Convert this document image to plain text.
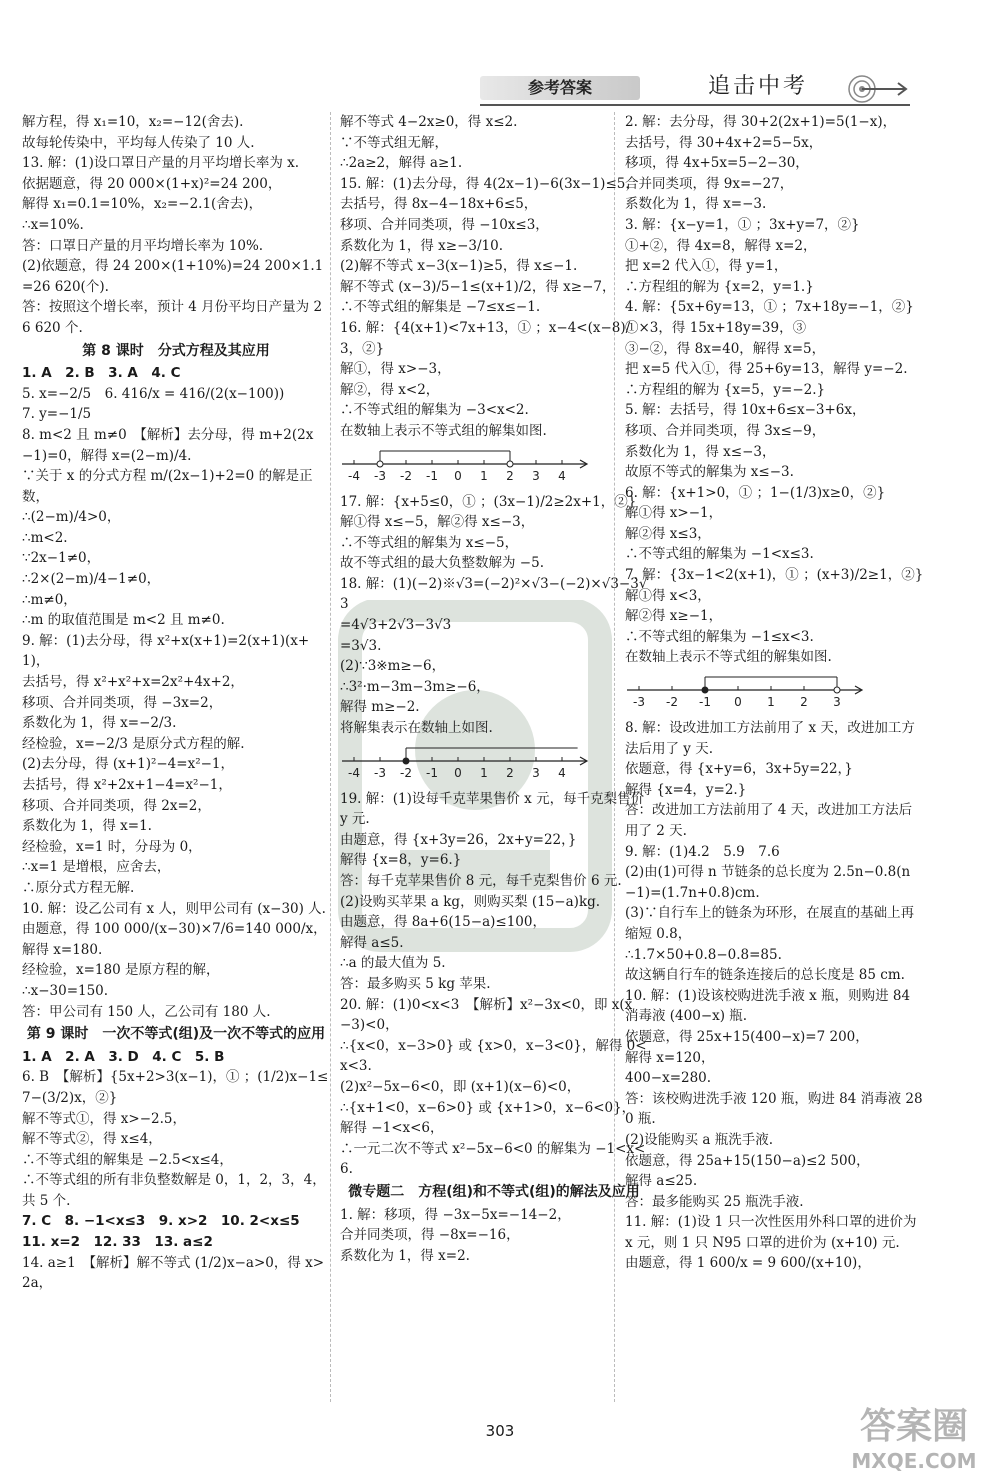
参考答案	追击中考

解方程，得 x₁=10，x₂=−12(舍去).

故每轮传染中，平均每人传染了 10 人.

13. 解：(1)设口罩日产量的月平均增长率为 x.

依据题意，得 20 000×(1+x)²=24 200，

解得 x₁=0.1=10%，x₂=−2.1(舍去)，

∴x=10%.

答：口罩日产量的月平均增长率为 10%.

(2)依题意，得 24 200×(1+10%)=24 200×1.1=26 620(个).

答：按照这个增长率，预计 4 月份平均日产量为 26 620 个.

第 8 课时　分式方程及其应用

1. A　2. B　3. A　4. C

5. x=−2/5　6. 416/x = 416/(2(x−100))

7. y=−1/5

8. m<2 且 m≠0　【解析】去分母，得 m+2(2x−1)=0，解得 x=(2−m)/4.

∵关于 x 的分式方程 m/(2x−1)+2=0 的解是正数，

∴(2−m)/4>0，

∴m<2.

∵2x−1≠0，

∴2×(2−m)/4−1≠0，

∴m≠0，

∴m 的取值范围是 m<2 且 m≠0.

9. 解：(1)去分母，得 x²+x(x+1)=2(x+1)(x+1)，

去括号，得 x²+x²+x=2x²+4x+2，

移项、合并同类项，得 −3x=2，

系数化为 1，得 x=−2/3.

经检验，x=−2/3 是原分式方程的解.

(2)去分母，得 (x+1)²−4=x²−1，

去括号，得 x²+2x+1−4=x²−1，

移项、合并同类项，得 2x=2，

系数化为 1，得 x=1.

经检验，x=1 时，分母为 0，

∴x=1 是增根，应舍去，

∴原分式方程无解.

10. 解：设乙公司有 x 人，则甲公司有 (x−30) 人.

由题意，得 100 000/(x−30)×7/6=140 000/x，

解得 x=180.

经检验，x=180 是原方程的解，

∴x−30=150.

答：甲公司有 150 人，乙公司有 180 人.

第 9 课时　一次不等式(组)及一次不等式的应用

1. A　2. A　3. D　4. C　5. B

6. B　【解析】{5x+2>3(x−1)，① ；(1/2)x−1≤7−(3/2)x，②}

解不等式①，得 x>−2.5，

解不等式②，得 x≤4，

∴不等式组的解集是 −2.5<x≤4，

∴不等式组的所有非负整数解是 0，1，2，3，4，共 5 个.

7. C　8. −1<x≤3　9. x>2　10. 2<x≤5

11. x=2　12. 33　13. a≤2

14. a≥1　【解析】解不等式 (1/2)x−a>0，得 x>2a，

解不等式 4−2x≥0，得 x≤2.

∵不等式组无解，

∴2a≥2，解得 a≥1.

15. 解：(1)去分母，得 4(2x−1)−6(3x−1)≤5，

去括号，得 8x−4−18x+6≤5，

移项、合并同类项，得 −10x≤3，

系数化为 1，得 x≥−3/10.

(2)解不等式 x−3(x−1)≥5，得 x≤−1.

解不等式 (x−3)/5−1≤(x+1)/2，得 x≥−7，

∴不等式组的解集是 −7≤x≤−1.

16. 解：{4(x+1)<7x+13，① ；x−4<(x−8)/3，②}

解①，得 x>−3，

解②，得 x<2，

∴不等式组的解集为 −3<x<2.

在数轴上表示不等式组的解集如图.

-4 -3 -2 -1 0 1 2 3 4

17. 解：{x+5≤0，① ；(3x−1)/2≥2x+1，②}

解①得 x≤−5，解②得 x≤−3，

∴不等式组的解集为 x≤−5，

故不等式组的最大负整数解为 −5.

18. 解：(1)(−2)※√3=(−2)²×√3−(−2)×√3−3√3

=4√3+2√3−3√3

=3√3.

(2)∵3※m≥−6，

∴3²·m−3m−3m≥−6，

解得 m≥−2.

将解集表示在数轴上如图.

-4 -3 -2 -1 0 1 2 3 4

19. 解：(1)设每千克苹果售价 x 元，每千克梨售价 y 元.

由题意，得 {x+3y=26，2x+y=22，}

解得 {x=8，y=6.}

答：每千克苹果售价 8 元，每千克梨售价 6 元.

(2)设购买苹果 a kg，则购买梨 (15−a)kg.

由题意，得 8a+6(15−a)≤100，

解得 a≤5.

∴a 的最大值为 5.

答：最多购买 5 kg 苹果.

20. 解：(1)0<x<3　【解析】x²−3x<0，即 x(x−3)<0，

∴{x<0，x−3>0} 或 {x>0，x−3<0}，解得 0<x<3.

(2)x²−5x−6<0，即 (x+1)(x−6)<0，

∴{x+1<0，x−6>0} 或 {x+1>0，x−6<0}，

解得 −1<x<6，

∴一元二次不等式 x²−5x−6<0 的解集为 −1<x<6.

微专题二　方程(组)和不等式(组)的解法及应用

1. 解：移项，得 −3x−5x=−14−2，

合并同类项，得 −8x=−16，

系数化为 1，得 x=2.

2. 解：去分母，得 30+2(2x+1)=5(1−x)，

去括号，得 30+4x+2=5−5x，

移项，得 4x+5x=5−2−30，

合并同类项，得 9x=−27，

系数化为 1，得 x=−3.

3. 解：{x−y=1，① ；3x+y=7，②}

①+②，得 4x=8，解得 x=2，

把 x=2 代入①，得 y=1，

∴方程组的解为 {x=2，y=1.}

4. 解：{5x+6y=13，① ；7x+18y=−1，②}

①×3，得 15x+18y=39，③

③−②，得 8x=40，解得 x=5，

把 x=5 代入①，得 25+6y=13，解得 y=−2.

∴方程组的解为 {x=5，y=−2.}

5. 解：去括号，得 10x+6≤x−3+6x，

移项、合并同类项，得 3x≤−9，

系数化为 1，得 x≤−3，

故原不等式的解集为 x≤−3.

6. 解：{x+1>0，① ；1−(1/3)x≥0，②}

解①得 x>−1，

解②得 x≤3，

∴不等式组的解集为 −1<x≤3.

7. 解：{3x−1<2(x+1)，① ；(x+3)/2≥1，②}

解①得 x<3，

解②得 x≥−1，

∴不等式组的解集为 −1≤x<3.

在数轴上表示不等式组的解集如图.

-3 -2 -1 0 1 2 3

8. 解：设改进加工方法前用了 x 天，改进加工方法后用了 y 天.

依题意，得 {x+y=6，3x+5y=22，}

解得 {x=4，y=2.}

答：改进加工方法前用了 4 天，改进加工方法后用了 2 天.

9. 解：(1)4.2　5.9　7.6

(2)由(1)可得 n 节链条的总长度为 2.5n−0.8(n−1)=(1.7n+0.8)cm.

(3)∵自行车上的链条为环形，在展直的基础上再缩短 0.8，

∴1.7×50+0.8−0.8=85.

故这辆自行车的链条连接后的总长度是 85 cm.

10. 解：(1)设该校购进洗手液 x 瓶，则购进 84 消毒液 (400−x) 瓶.

依题意，得 25x+15(400−x)=7 200，

解得 x=120，

400−x=280.

答：该校购进洗手液 120 瓶，购进 84 消毒液 280 瓶.

(2)设能购买 a 瓶洗手液.

依题意，得 25a+15(150−a)≤2 500，

解得 a≤25.

答：最多能购买 25 瓶洗手液.

11. 解：(1)设 1 只一次性医用外科口罩的进价为 x 元，则 1 只 N95 口罩的进价为 (x+10) 元.

由题意，得 1 600/x = 9 600/(x+10)，

303	答案圈
MXQE.COM
